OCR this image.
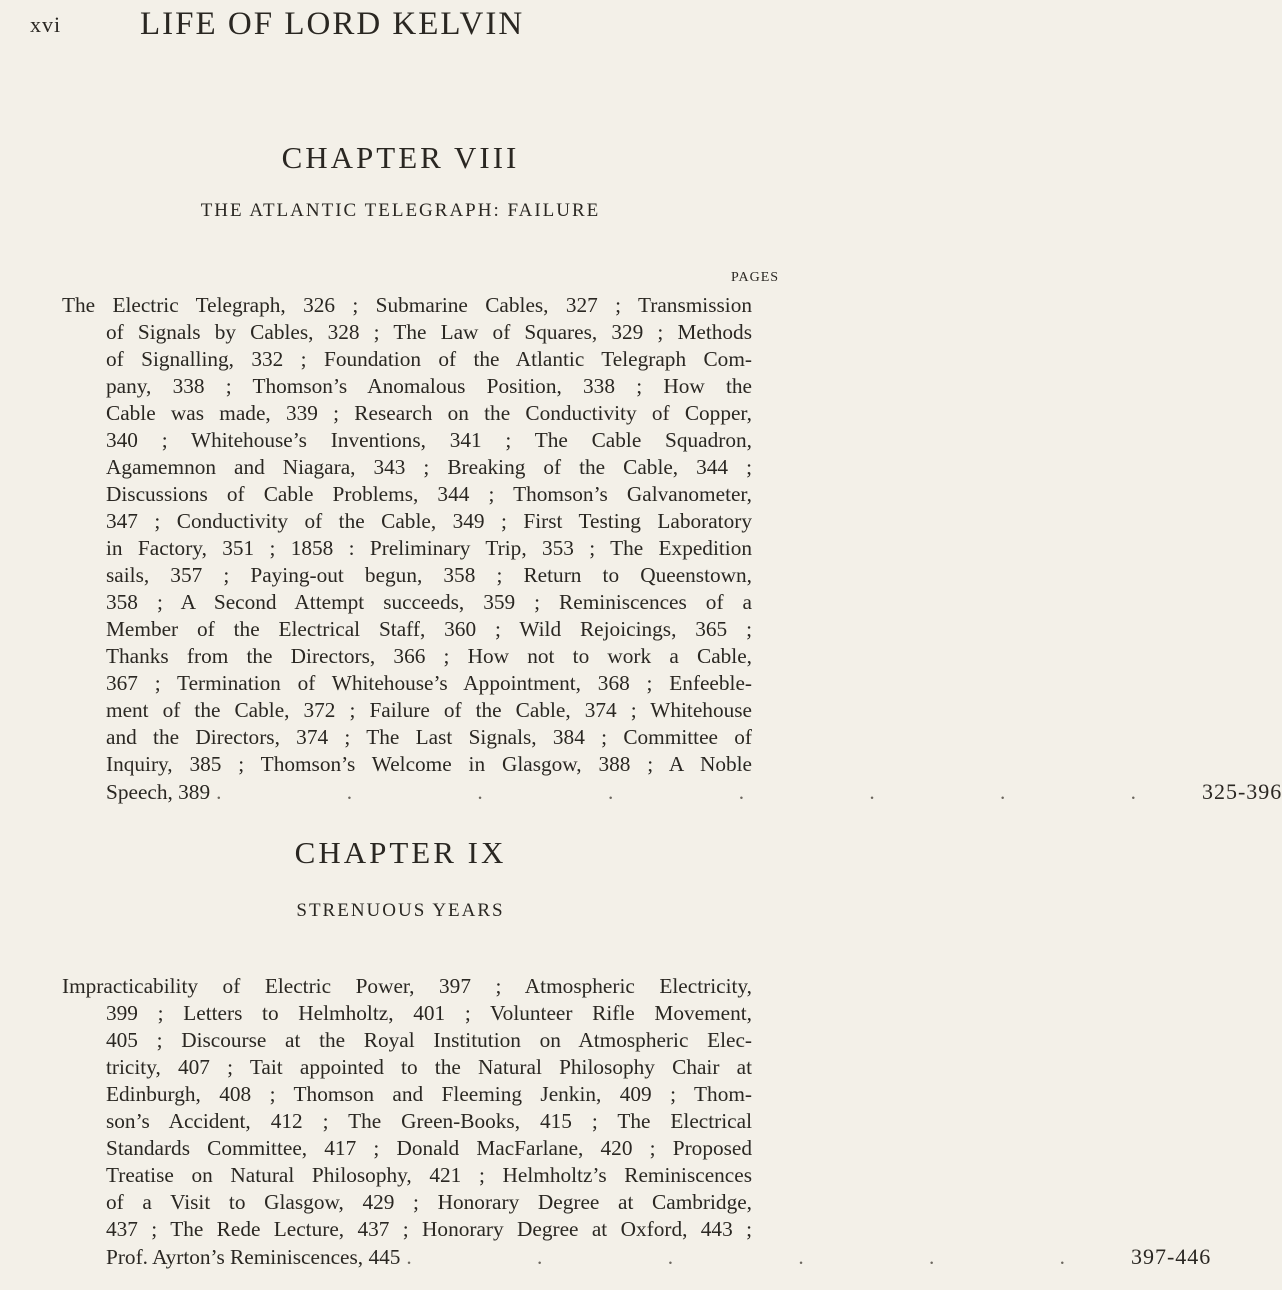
xvi LIFE OF LORD KELVIN
CHAPTER VIII
THE ATLANTIC TELEGRAPH: FAILURE
PAGES
The Electric Telegraph, 326 ; Submarine Cables, 327 ; Transmission
of Signals by Cables, 328 ; The Law of Squares, 329 ; Methods
of Signalling, 332 ; Foundation of the Atlantic Telegraph Com-
pany, 338 ; Thomson’s Anomalous Position, 338 ; How the
Cable was made, 339 ; Research on the Conductivity of Copper,
340 ; Whitehouse’s Inventions, 341 ; The Cable Squadron,
Agamemnon and Niagara, 343 ; Breaking of the Cable, 344 ;
Discussions of Cable Problems, 344 ; Thomson’s Galvanometer,
347 ; Conductivity of the Cable, 349 ; First Testing Laboratory
in Factory, 351 ; 1858 : Preliminary Trip, 353 ; The Expedition
sails, 357 ; Paying-out begun, 358 ; Return to Queenstown,
358 ; A Second Attempt succeeds, 359 ; Reminiscences of a
Member of the Electrical Staff, 360 ; Wild Rejoicings, 365 ;
Thanks from the Directors, 366 ; How not to work a Cable,
367 ; Termination of Whitehouse’s Appointment, 368 ; Enfeeble-
ment of the Cable, 372 ; Failure of the Cable, 374 ; Whitehouse
and the Directors, 374 ; The Last Signals, 384 ; Committee of
Inquiry, 385 ; Thomson’s Welcome in Glasgow, 388 ; A Noble
Speech, 389 . . . . . . . . 325-396
CHAPTER IX
STRENUOUS YEARS
Impracticability of Electric Power, 397 ; Atmospheric Electricity,
399 ; Letters to Helmholtz, 401 ; Volunteer Rifle Movement,
405 ; Discourse at the Royal Institution on Atmospheric Elec-
tricity, 407 ; Tait appointed to the Natural Philosophy Chair at
Edinburgh, 408 ; Thomson and Fleeming Jenkin, 409 ; Thom-
son’s Accident, 412 ; The Green-Books, 415 ; The Electrical
Standards Committee, 417 ; Donald MacFarlane, 420 ; Proposed
Treatise on Natural Philosophy, 421 ; Helmholtz’s Reminiscences
of a Visit to Glasgow, 429 ; Honorary Degree at Cambridge,
437 ; The Rede Lecture, 437 ; Honorary Degree at Oxford, 443 ;
Prof. Ayrton’s Reminiscences, 445 . . . . . . 397-446
